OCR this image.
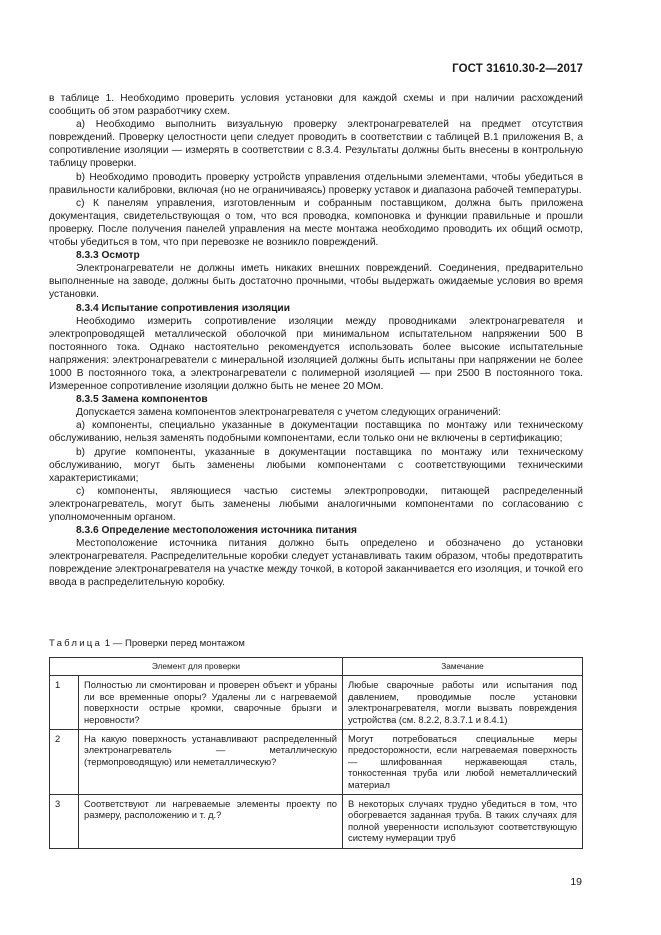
ГОСТ 31610.30-2—2017

в таблице 1. Необходимо проверить условия установки для каждой схемы и при наличии расхождений сообщить об этом разработчику схем.

а) Необходимо выполнить визуальную проверку электронагревателей на предмет отсутствия повреждений. Проверку целостности цепи следует проводить в соответствии с таблицей В.1 приложения В, а сопротивление изоляции — измерять в соответствии с 8.3.4. Результаты должны быть внесены в контрольную таблицу проверки.

b) Необходимо проводить проверку устройств управления отдельными элементами, чтобы убедиться в правильности калибровки, включая (но не ограничиваясь) проверку уставок и диапазона рабочей температуры.

с) К панелям управления, изготовленным и собранным поставщиком, должна быть приложена документация, свидетельствующая о том, что вся проводка, компоновка и функции правильные и прошли проверку. После получения панелей управления на месте монтажа необходимо проводить их общий осмотр, чтобы убедиться в том, что при перевозке не возникло повреждений.

8.3.3 Осмотр

Электронагреватели не должны иметь никаких внешних повреждений. Соединения, предварительно выполненные на заводе, должны быть достаточно прочными, чтобы выдержать ожидаемые условия во время установки.

8.3.4 Испытание сопротивления изоляции

Необходимо измерить сопротивление изоляции между проводниками электронагревателя и электропроводящей металлической оболочкой при минимальном испытательном напряжении 500 В постоянного тока. Однако настоятельно рекомендуется использовать более высокие испытательные напряжения: электронагреватели с минеральной изоляцией должны быть испытаны при напряжении не более 1000 В постоянного тока, а электронагреватели с полимерной изоляцией — при 2500 В постоянного тока. Измеренное сопротивление изоляции должно быть не менее 20 МОм.

8.3.5 Замена компонентов

Допускается замена компонентов электронагревателя с учетом следующих ограничений:

а) компоненты, специально указанные в документации поставщика по монтажу или техническому обслуживанию, нельзя заменять подобными компонентами, если только они не включены в сертификацию;

b) другие компоненты, указанные в документации поставщика по монтажу или техническому обслуживанию, могут быть заменены любыми компонентами с соответствующими техническими характеристиками;

с) компоненты, являющиеся частью системы электропроводки, питающей распределенный электронагреватель, могут быть заменены любыми аналогичными компонентами по согласованию с уполномоченным органом.

8.3.6 Определение местоположения источника питания

Местоположение источника питания должно быть определено и обозначено до установки электронагревателя. Распределительные коробки следует устанавливать таким образом, чтобы предотвратить повреждение электронагревателя на участке между точкой, в которой заканчивается его изоляция, и точкой его ввода в распределительную коробку.

Таблица 1 — Проверки перед монтажом
Элемент для проверки		Замечание
1	Полностью ли смонтирован и проверен объект и убраны ли все временные опоры? Удалены ли с нагреваемой поверхности острые кромки, сварочные брызги и неровности?	Любые сварочные работы или испытания под давлением, проводимые после установки электронагревателя, могли вызвать повреждения устройства (см. 8.2.2, 8.3.7.1 и 8.4.1)
2	На какую поверхность устанавливают распределенный электронагреватель — металлическую (термопроводящую) или неметаллическую?	Могут потребоваться специальные меры предосторожности, если нагреваемая поверхность — шлифованная нержавеющая сталь, тонкостенная труба или любой неметаллический материал
3	Соответствуют ли нагреваемые элементы проекту по размеру, расположению и т. д.?	В некоторых случаях трудно убедиться в том, что обогревается заданная труба. В таких случаях для полной уверенности используют соответствующую систему нумерации труб
19
